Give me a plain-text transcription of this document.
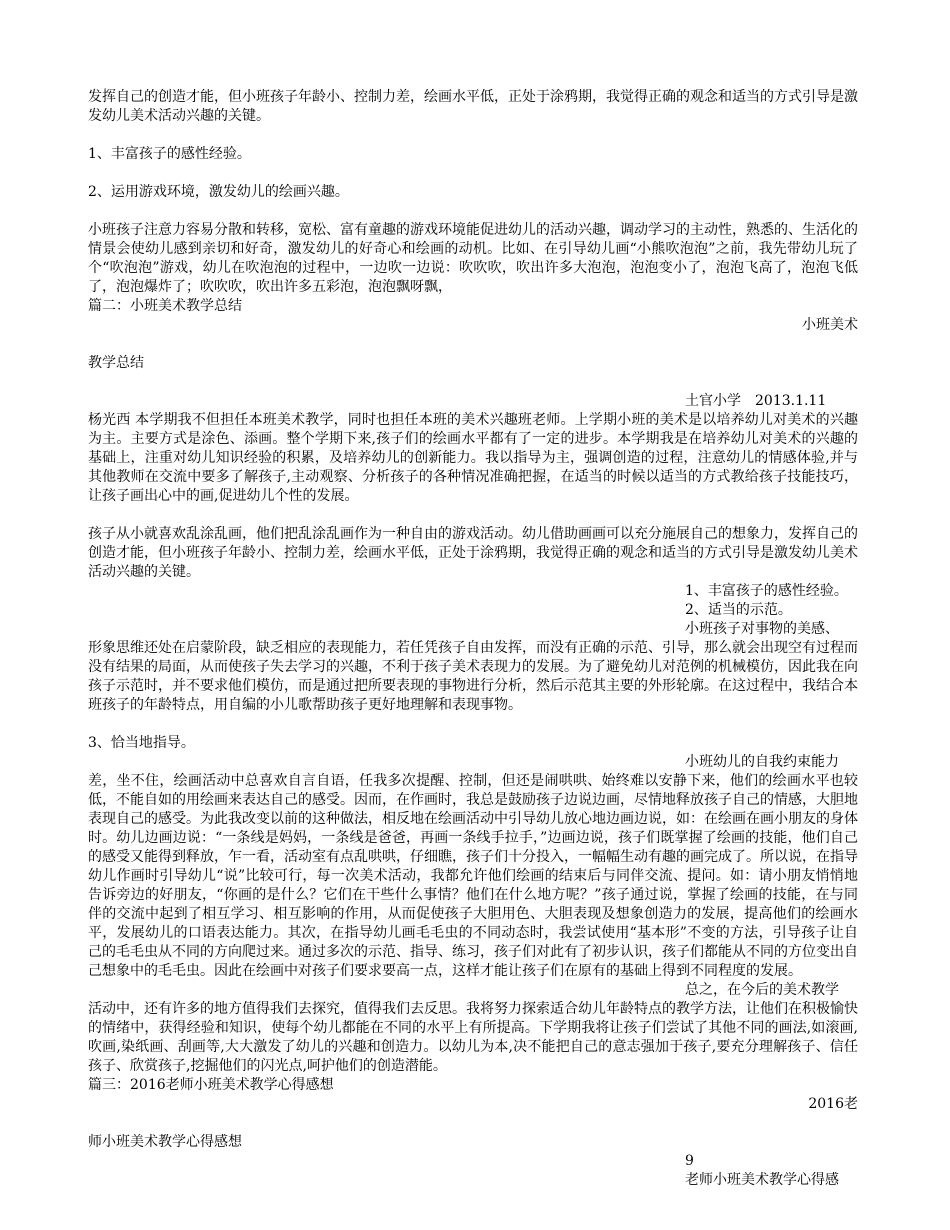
发挥自己的创造才能，但小班孩子年龄小、控制力差，绘画水平低，正处于涂鸦期，我觉得正确的观念和适当的方式引导是激发幼儿美术活动兴趣的关键。

1、丰富孩子的感性经验。

2、运用游戏环境，激发幼儿的绘画兴趣。

小班孩子注意力容易分散和转移，宽松、富有童趣的游戏环境能促进幼儿的活动兴趣，调动学习的主动性，熟悉的、生活化的情景会使幼儿感到亲切和好奇，激发幼儿的好奇心和绘画的动机。比如、在引导幼儿画“小熊吹泡泡”之前，我先带幼儿玩了个“吹泡泡”游戏，幼儿在吹泡泡的过程中，一边吹一边说：吹吹吹，吹出许多大泡泡，泡泡变小了，泡泡飞高了，泡泡飞低了，泡泡爆炸了；吹吹吹，吹出许多五彩泡，泡泡飘呀飘，

篇二：小班美术教学总结

小班美术

教学总结

土官小学　2013.1.11

杨光西 本学期我不但担任本班美术教学，同时也担任本班的美术兴趣班老师。上学期小班的美术是以培养幼儿对美术的兴趣为主。主要方式是涂色、添画。整个学期下来,孩子们的绘画水平都有了一定的进步。本学期我是在培养幼儿对美术的兴趣的基础上，注重对幼儿知识经验的积累，及培养幼儿的创新能力。我以指导为主，强调创造的过程，注意幼儿的情感体验,并与其他教师在交流中要多了解孩子,主动观察、分析孩子的各种情况准确把握，在适当的时候以适当的方式教给孩子技能技巧，让孩子画出心中的画,促进幼儿个性的发展。

孩子从小就喜欢乱涂乱画，他们把乱涂乱画作为一种自由的游戏活动。幼儿借助画画可以充分施展自己的想象力，发挥自己的创造才能，但小班孩子年龄小、控制力差，绘画水平低，正处于涂鸦期，我觉得正确的观念和适当的方式引导是激发幼儿美术活动兴趣的关键。

1、丰富孩子的感性经验。

2、适当的示范。

小班孩子对事物的美感、

形象思维还处在启蒙阶段，缺乏相应的表现能力，若任凭孩子自由发挥，而没有正确的示范、引导，那么就会出现空有过程而没有结果的局面，从而使孩子失去学习的兴趣，不利于孩子美术表现力的发展。为了避免幼儿对范例的机械模仿，因此我在向孩子示范时，并不要求他们模仿，而是通过把所要表现的事物进行分析，然后示范其主要的外形轮廓。在这过程中，我结合本班孩子的年龄特点，用自编的小儿歌帮助孩子更好地理解和表现事物。

3、恰当地指导。

小班幼儿的自我约束能力

差，坐不住，绘画活动中总喜欢自言自语，任我多次提醒、控制，但还是闹哄哄、始终难以安静下来，他们的绘画水平也较低，不能自如的用绘画来表达自己的感受。因而，在作画时，我总是鼓励孩子边说边画，尽情地释放孩子自己的情感，大胆地表现自己的感受。为此我改变以前的这种做法，相反地在绘画活动中引导幼儿放心地边画边说，如：在绘画在画小朋友的身体时。幼儿边画边说：“一条线是妈妈，一条线是爸爸，再画一条线手拉手，”边画边说，孩子们既掌握了绘画的技能，他们自己的感受又能得到释放，乍一看，活动室有点乱哄哄，仔细瞧，孩子们十分投入，一幅幅生动有趣的画完成了。所以说，在指导幼儿作画时引导幼儿“说”比较可行，每一次美术活动，我都允许他们绘画的结束后与同伴交流、提问。如：请小朋友悄悄地告诉旁边的好朋友，“你画的是什么？它们在干些什么事情？他们在什么地方呢？”孩子通过说，掌握了绘画的技能，在与同伴的交流中起到了相互学习、相互影响的作用，从而促使孩子大胆用色、大胆表现及想象创造力的发展，提高他们的绘画水平，发展幼儿的口语表达能力。其次，在指导幼儿画毛毛虫的不同动态时，我尝试使用“基本形”不变的方法，引导孩子让自己的毛毛虫从不同的方向爬过来。通过多次的示范、指导、练习，孩子们对此有了初步认识，孩子们都能从不同的方位变出自己想象中的毛毛虫。因此在绘画中对孩子们要求要高一点，这样才能让孩子们在原有的基础上得到不同程度的发展。

总之，在今后的美术教学

活动中，还有许多的地方值得我们去探究，值得我们去反思。我将努力探索适合幼儿年龄特点的教学方法，让他们在积极愉快的情绪中，获得经验和知识，使每个幼儿都能在不同的水平上有所提高。下学期我将让孩子们尝试了其他不同的画法,如滚画,吹画,染纸画、刮画等,大大激发了幼儿的兴趣和创造力。以幼儿为本,决不能把自己的意志强加于孩子,要充分理解孩子、信任孩子、欣赏孩子,挖掘他们的闪光点,呵护他们的创造潜能。

篇三：2016老师小班美术教学心得感想

2016老

师小班美术教学心得感想

9

老师小班美术教学心得感
